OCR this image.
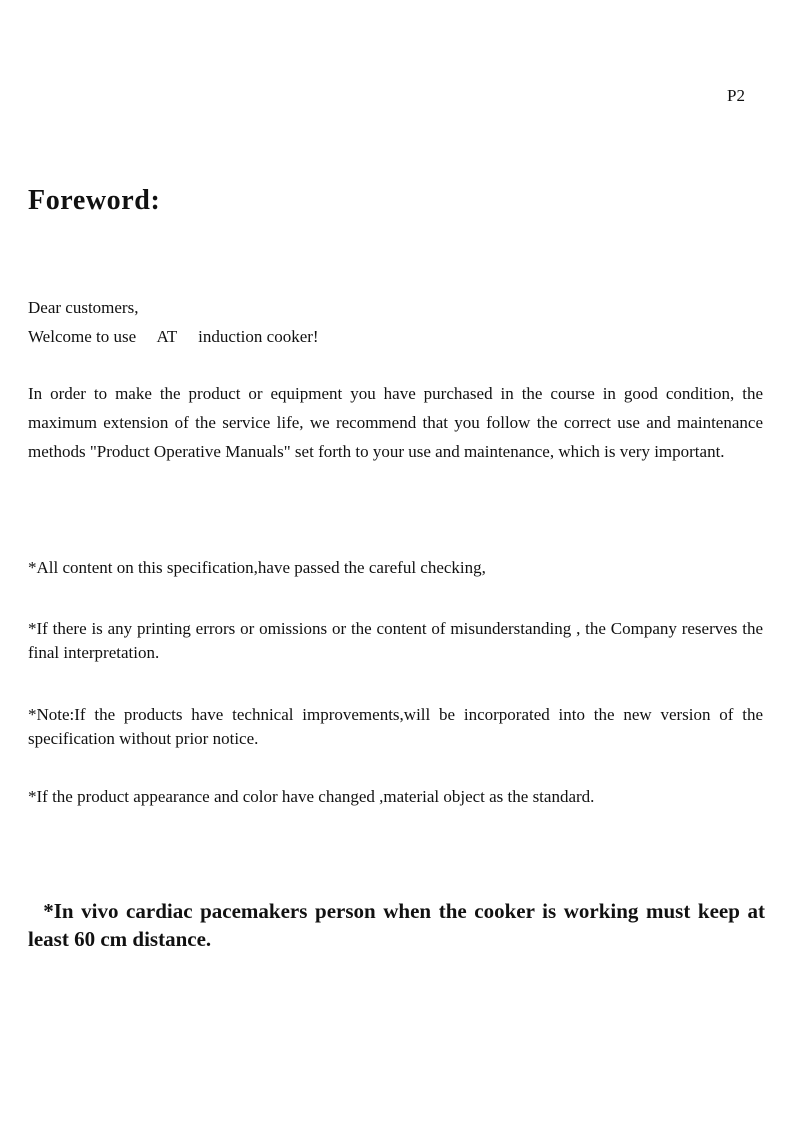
P2
Foreword:
Dear customers,
Welcome to use     AT     induction cooker!

In order to make the product or equipment you have purchased in the course in good condition, the maximum extension of the service life, we recommend that you follow the correct use and maintenance methods "Product Operative Manuals" set forth to your use and maintenance, which is very important.

*All content on this specification,have passed the careful checking,

*If there is any printing errors or omissions or the content of misunderstanding , the Company reserves the final interpretation.

*Note:If the products have technical improvements,will be incorporated into the new version of the specification without prior notice.

*If the product appearance and color have changed ,material object as the standard.

*In vivo cardiac pacemakers person when the cooker is working must keep at least 60 cm distance.
